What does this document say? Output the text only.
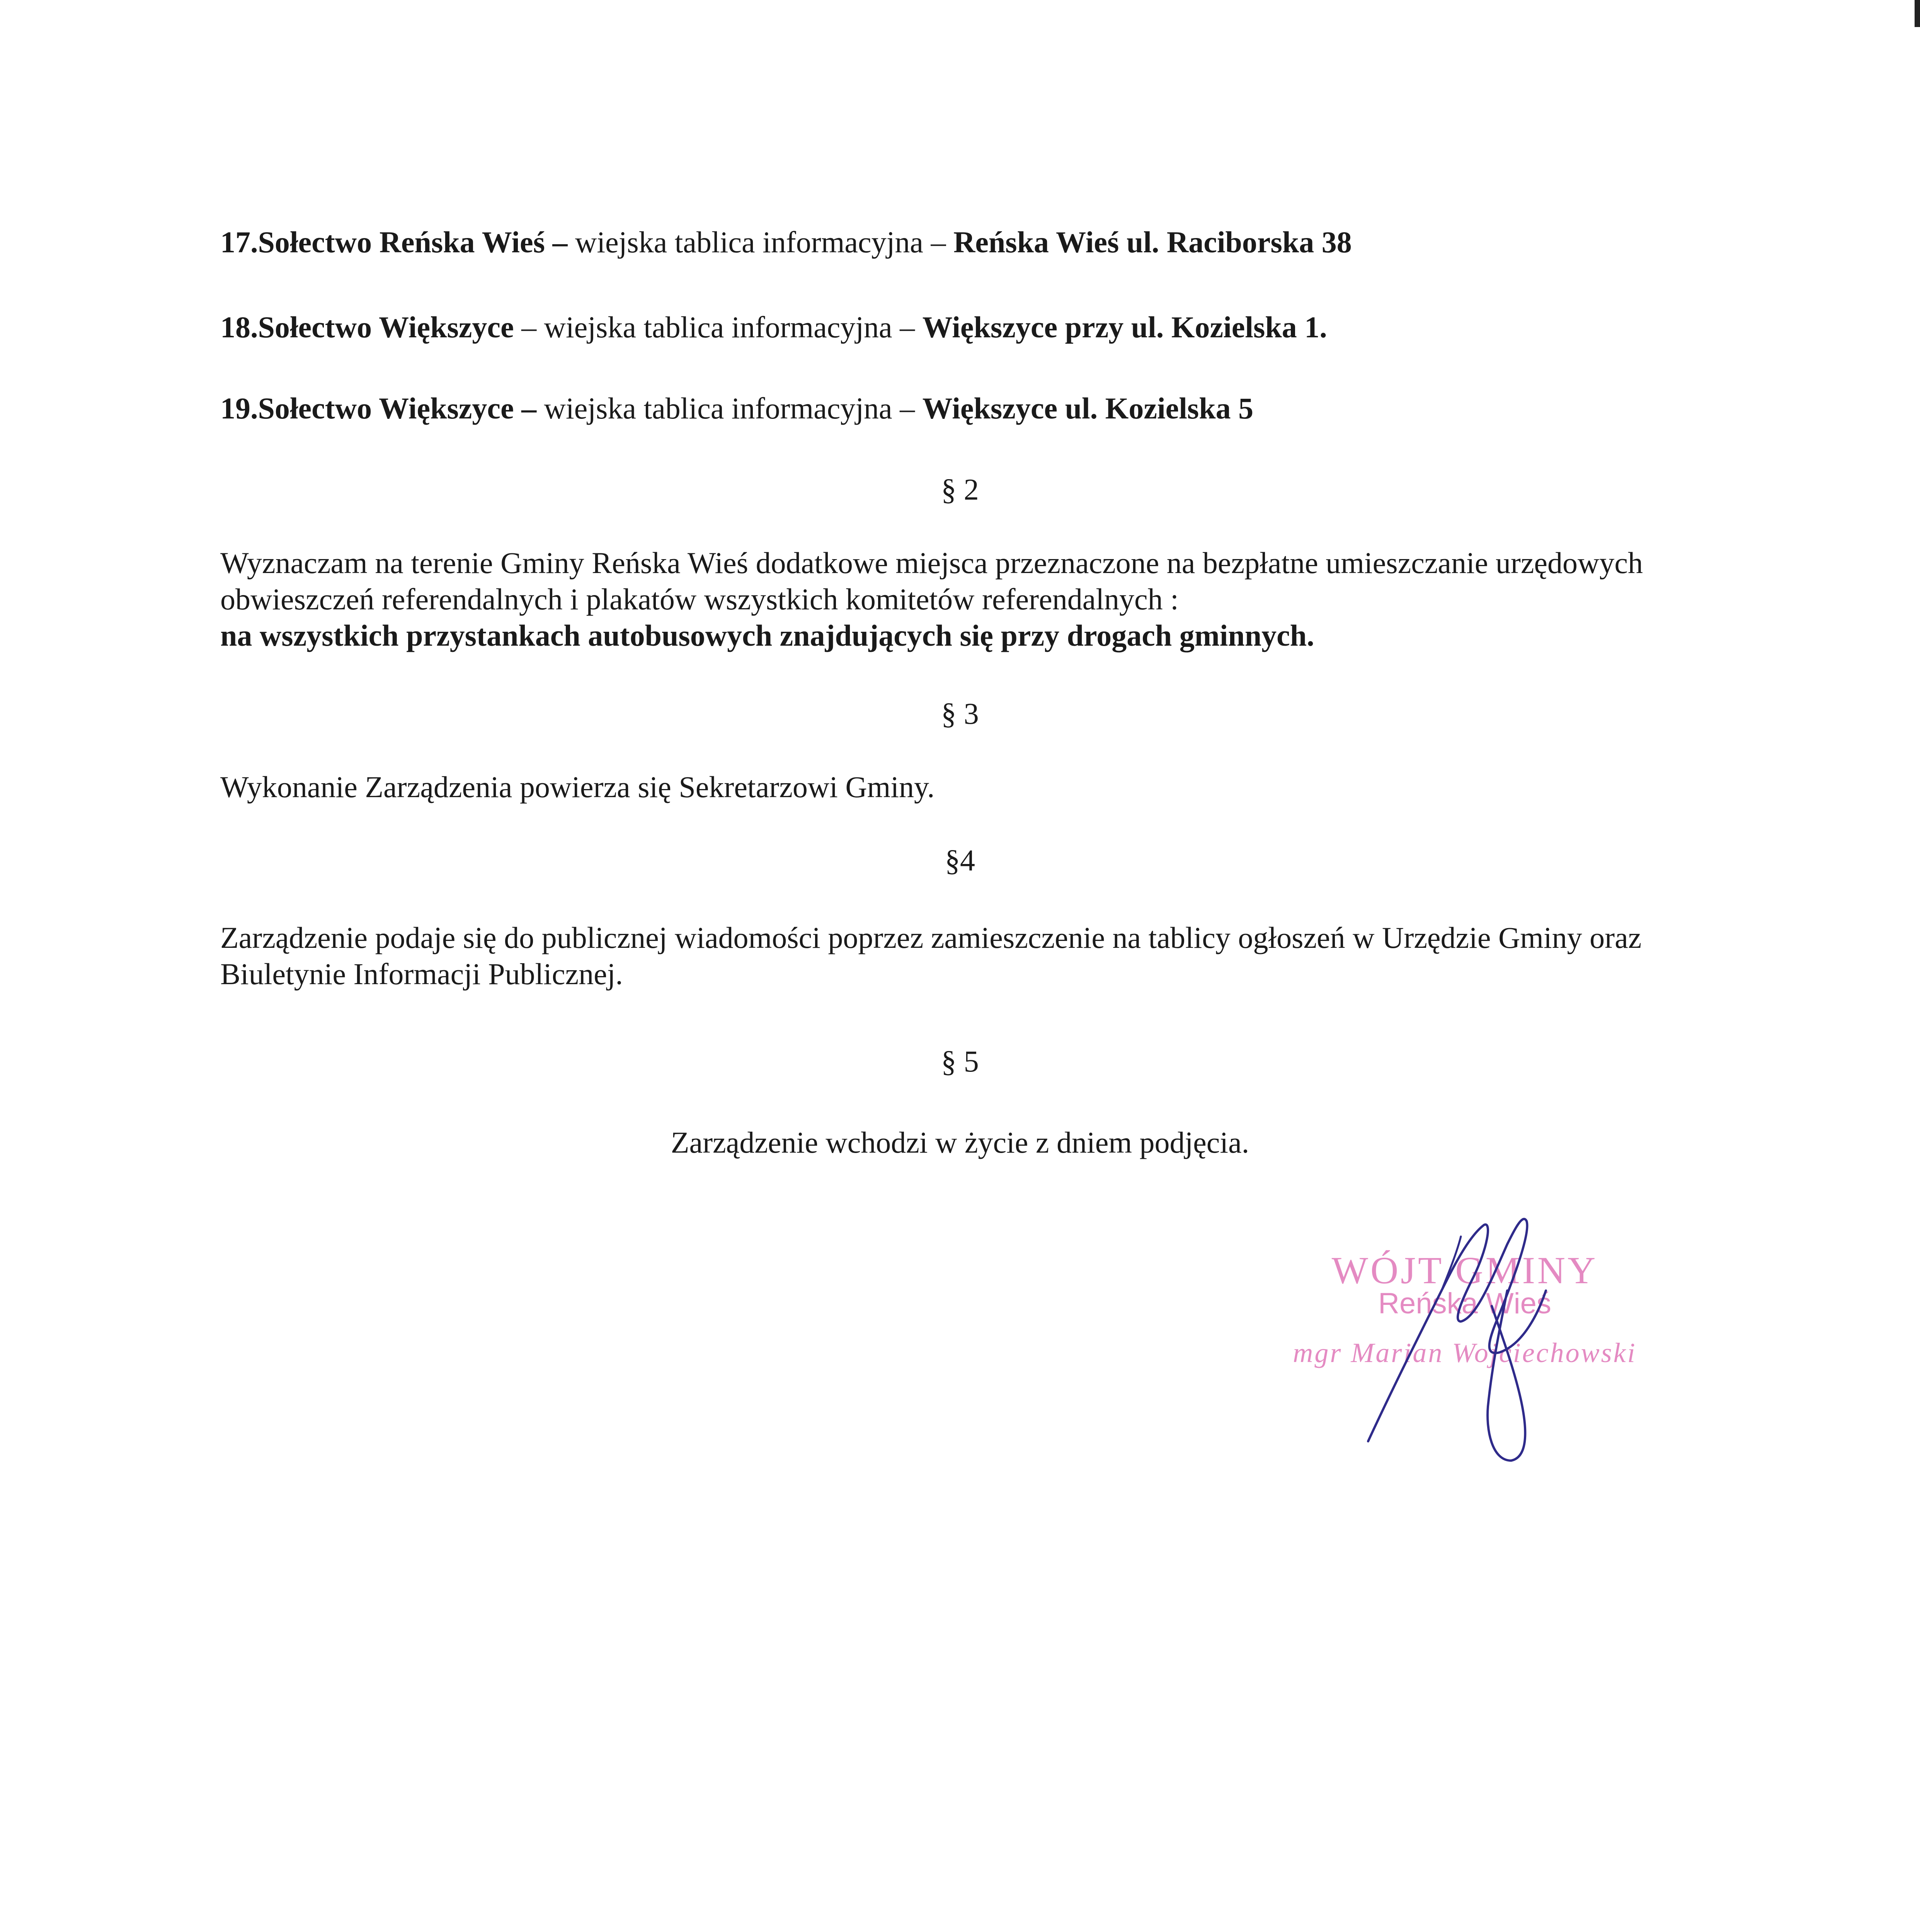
17.Sołectwo Reńska Wieś – wiejska tablica informacyjna – Reńska Wieś ul. Raciborska 38
18.Sołectwo Większyce – wiejska tablica informacyjna – Większyce przy ul. Kozielska 1.
19.Sołectwo Większyce – wiejska tablica informacyjna – Większyce ul. Kozielska 5
§ 2
Wyznaczam na terenie Gminy Reńska Wieś dodatkowe miejsca przeznaczone na bezpłatne umieszczanie urzędowych obwieszczeń referendalnych i plakatów wszystkich komitetów referendalnych :
na wszystkich przystankach autobusowych znajdujących się przy drogach gminnych.
§ 3
Wykonanie Zarządzenia powierza się Sekretarzowi Gminy.
§4
Zarządzenie podaje się do publicznej wiadomości poprzez zamieszczenie na tablicy ogłoszeń w Urzędzie Gminy oraz Biuletynie Informacji Publicznej.
§ 5
Zarządzenie wchodzi w życie z dniem podjęcia.
WÓJT GMINY
Reńska Wieś
mgr Marian Wojciechowski
